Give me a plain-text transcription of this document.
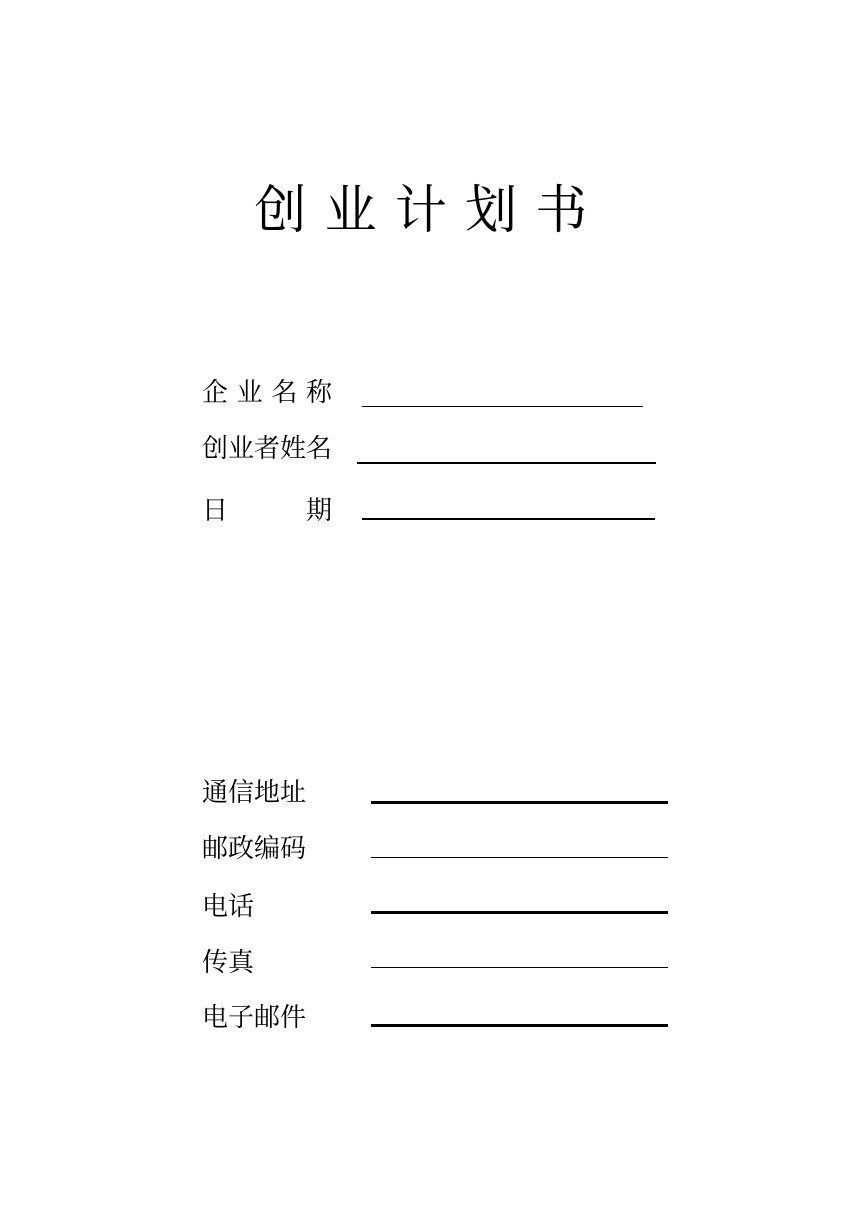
创业计划书
企业名称
创业者姓名
日期
通信地址
邮政编码
电话
传真
电子邮件
